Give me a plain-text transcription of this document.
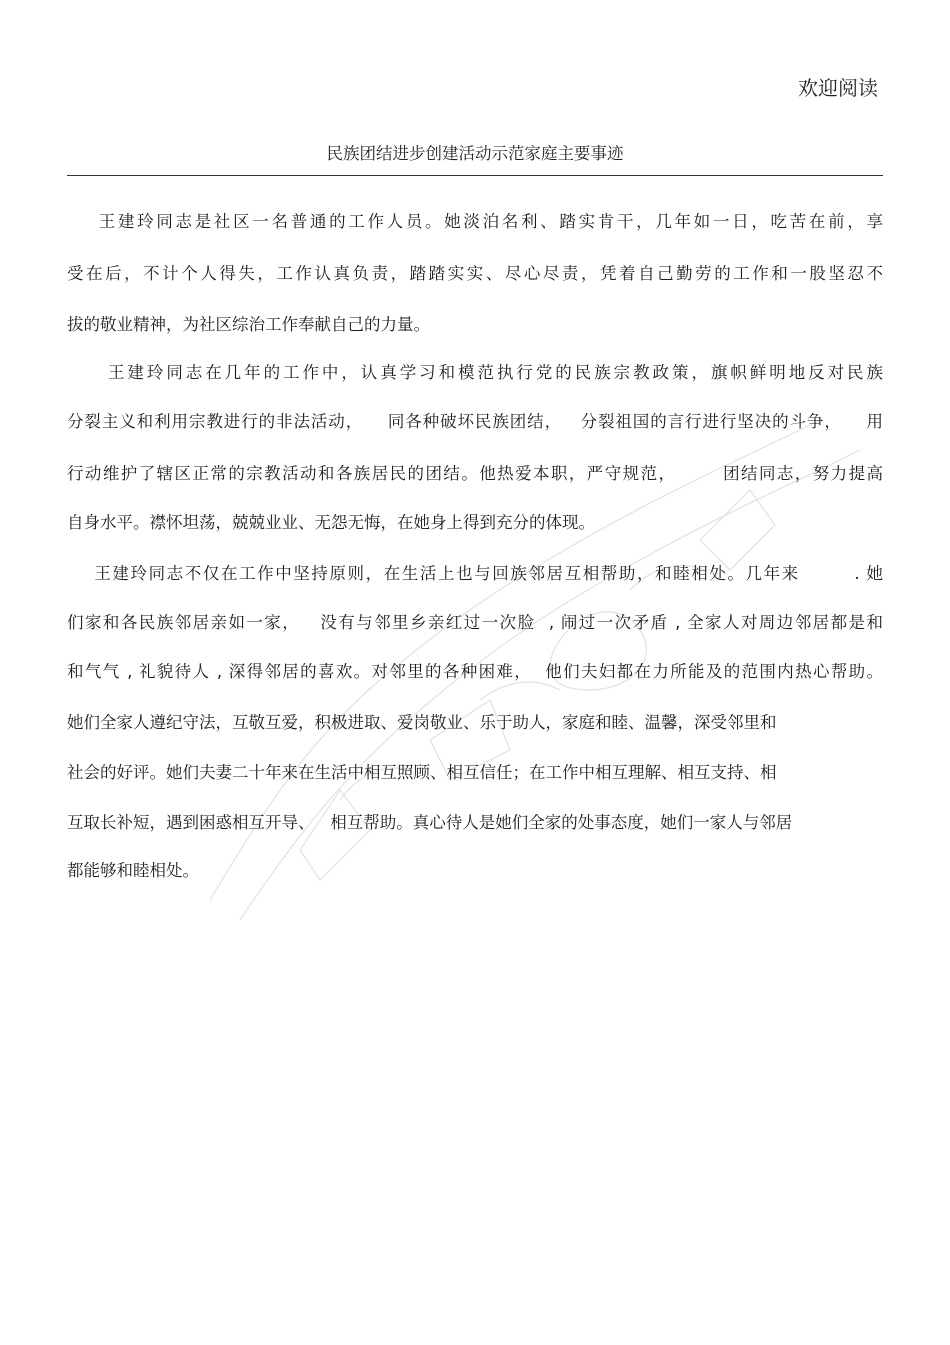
欢迎阅读
民族团结进步创建活动示范家庭主要事迹
王建玲同志是社区一名普通的工作人员。她淡泊名利、踏实肯干，几年如一日，吃苦在前，享
受在后，不计个人得失，工作认真负责，踏踏实实、尽心尽责，凭着自己勤劳的工作和一股坚忍不
拔的敬业精神，为社区综治工作奉献自己的力量。
王建玲同志在几年的工作中，认真学习和模范执行党的民族宗教政策，旗帜鲜明地反对民族
分裂主义和利用宗教进行的非法活动，    同各种破坏民族团结，   分裂祖国的言行进行坚决的斗争，    用
行动维护了辖区正常的宗教活动和各族居民的团结。他热爱本职，严守规范，       团结同志，努力提高
自身水平。襟怀坦荡，兢兢业业、无怨无悔，在她身上得到充分的体现。
王建玲同志不仅在工作中坚持原则，在生活上也与回族邻居互相帮助，和睦相处。几年来        . 她
们家和各民族邻居亲如一家，   没有与邻里乡亲红过一次脸  , 闹过一次矛盾 , 全家人对周边邻居都是和
和气气 , 礼貌待人 , 深得邻居的喜欢。对邻里的各种困难，  他们夫妇都在力所能及的范围内热心帮助。
她们全家人遵纪守法，互敬互爱，积极进取、爱岗敬业、乐于助人，家庭和睦、温馨，深受邻里和
社会的好评。她们夫妻二十年来在生活中相互照顾、相互信任；在工作中相互理解、相互支持、相
互取长补短，遇到困惑相互开导、   相互帮助。真心待人是她们全家的处事态度，她们一家人与邻居
都能够和睦相处。
